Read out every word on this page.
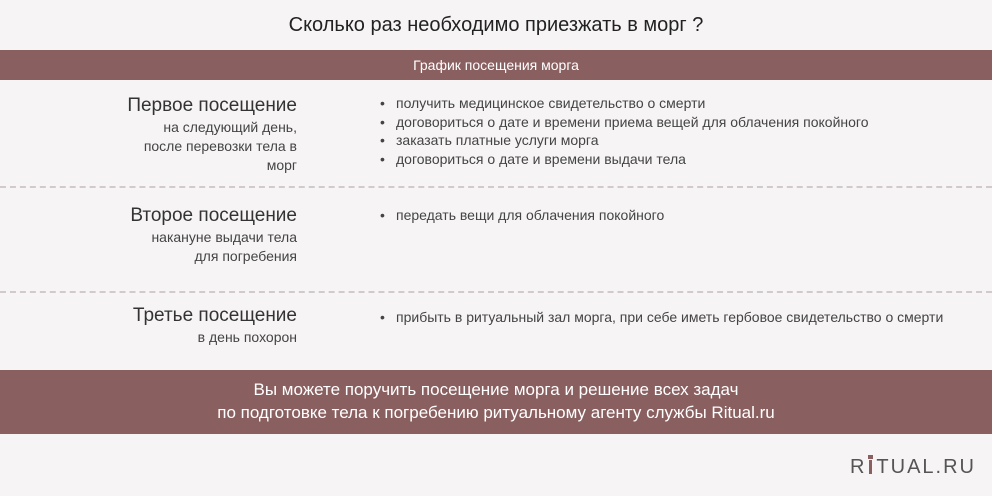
Сколько раз необходимо приезжать в морг ?
График посещения морга
Первое посещение
на следующий день,
после перевозки тела в
морг
• получить медицинское свидетельство о смерти
• договориться о дате и времени приема вещей для облачения покойного
• заказать платные услуги морга
• договориться о дате и времени выдачи тела
Второе посещение
накануне выдачи тела
для погребения
• передать вещи для облачения покойного
Третье посещение
в день похорон
• прибыть в ритуальный зал морга, при себе иметь гербовое свидетельство о смерти
Вы можете поручить посещение морга и решение всех задач
по подготовке тела к погребению ритуальному агенту службы Ritual.ru
R TUAL.RU
